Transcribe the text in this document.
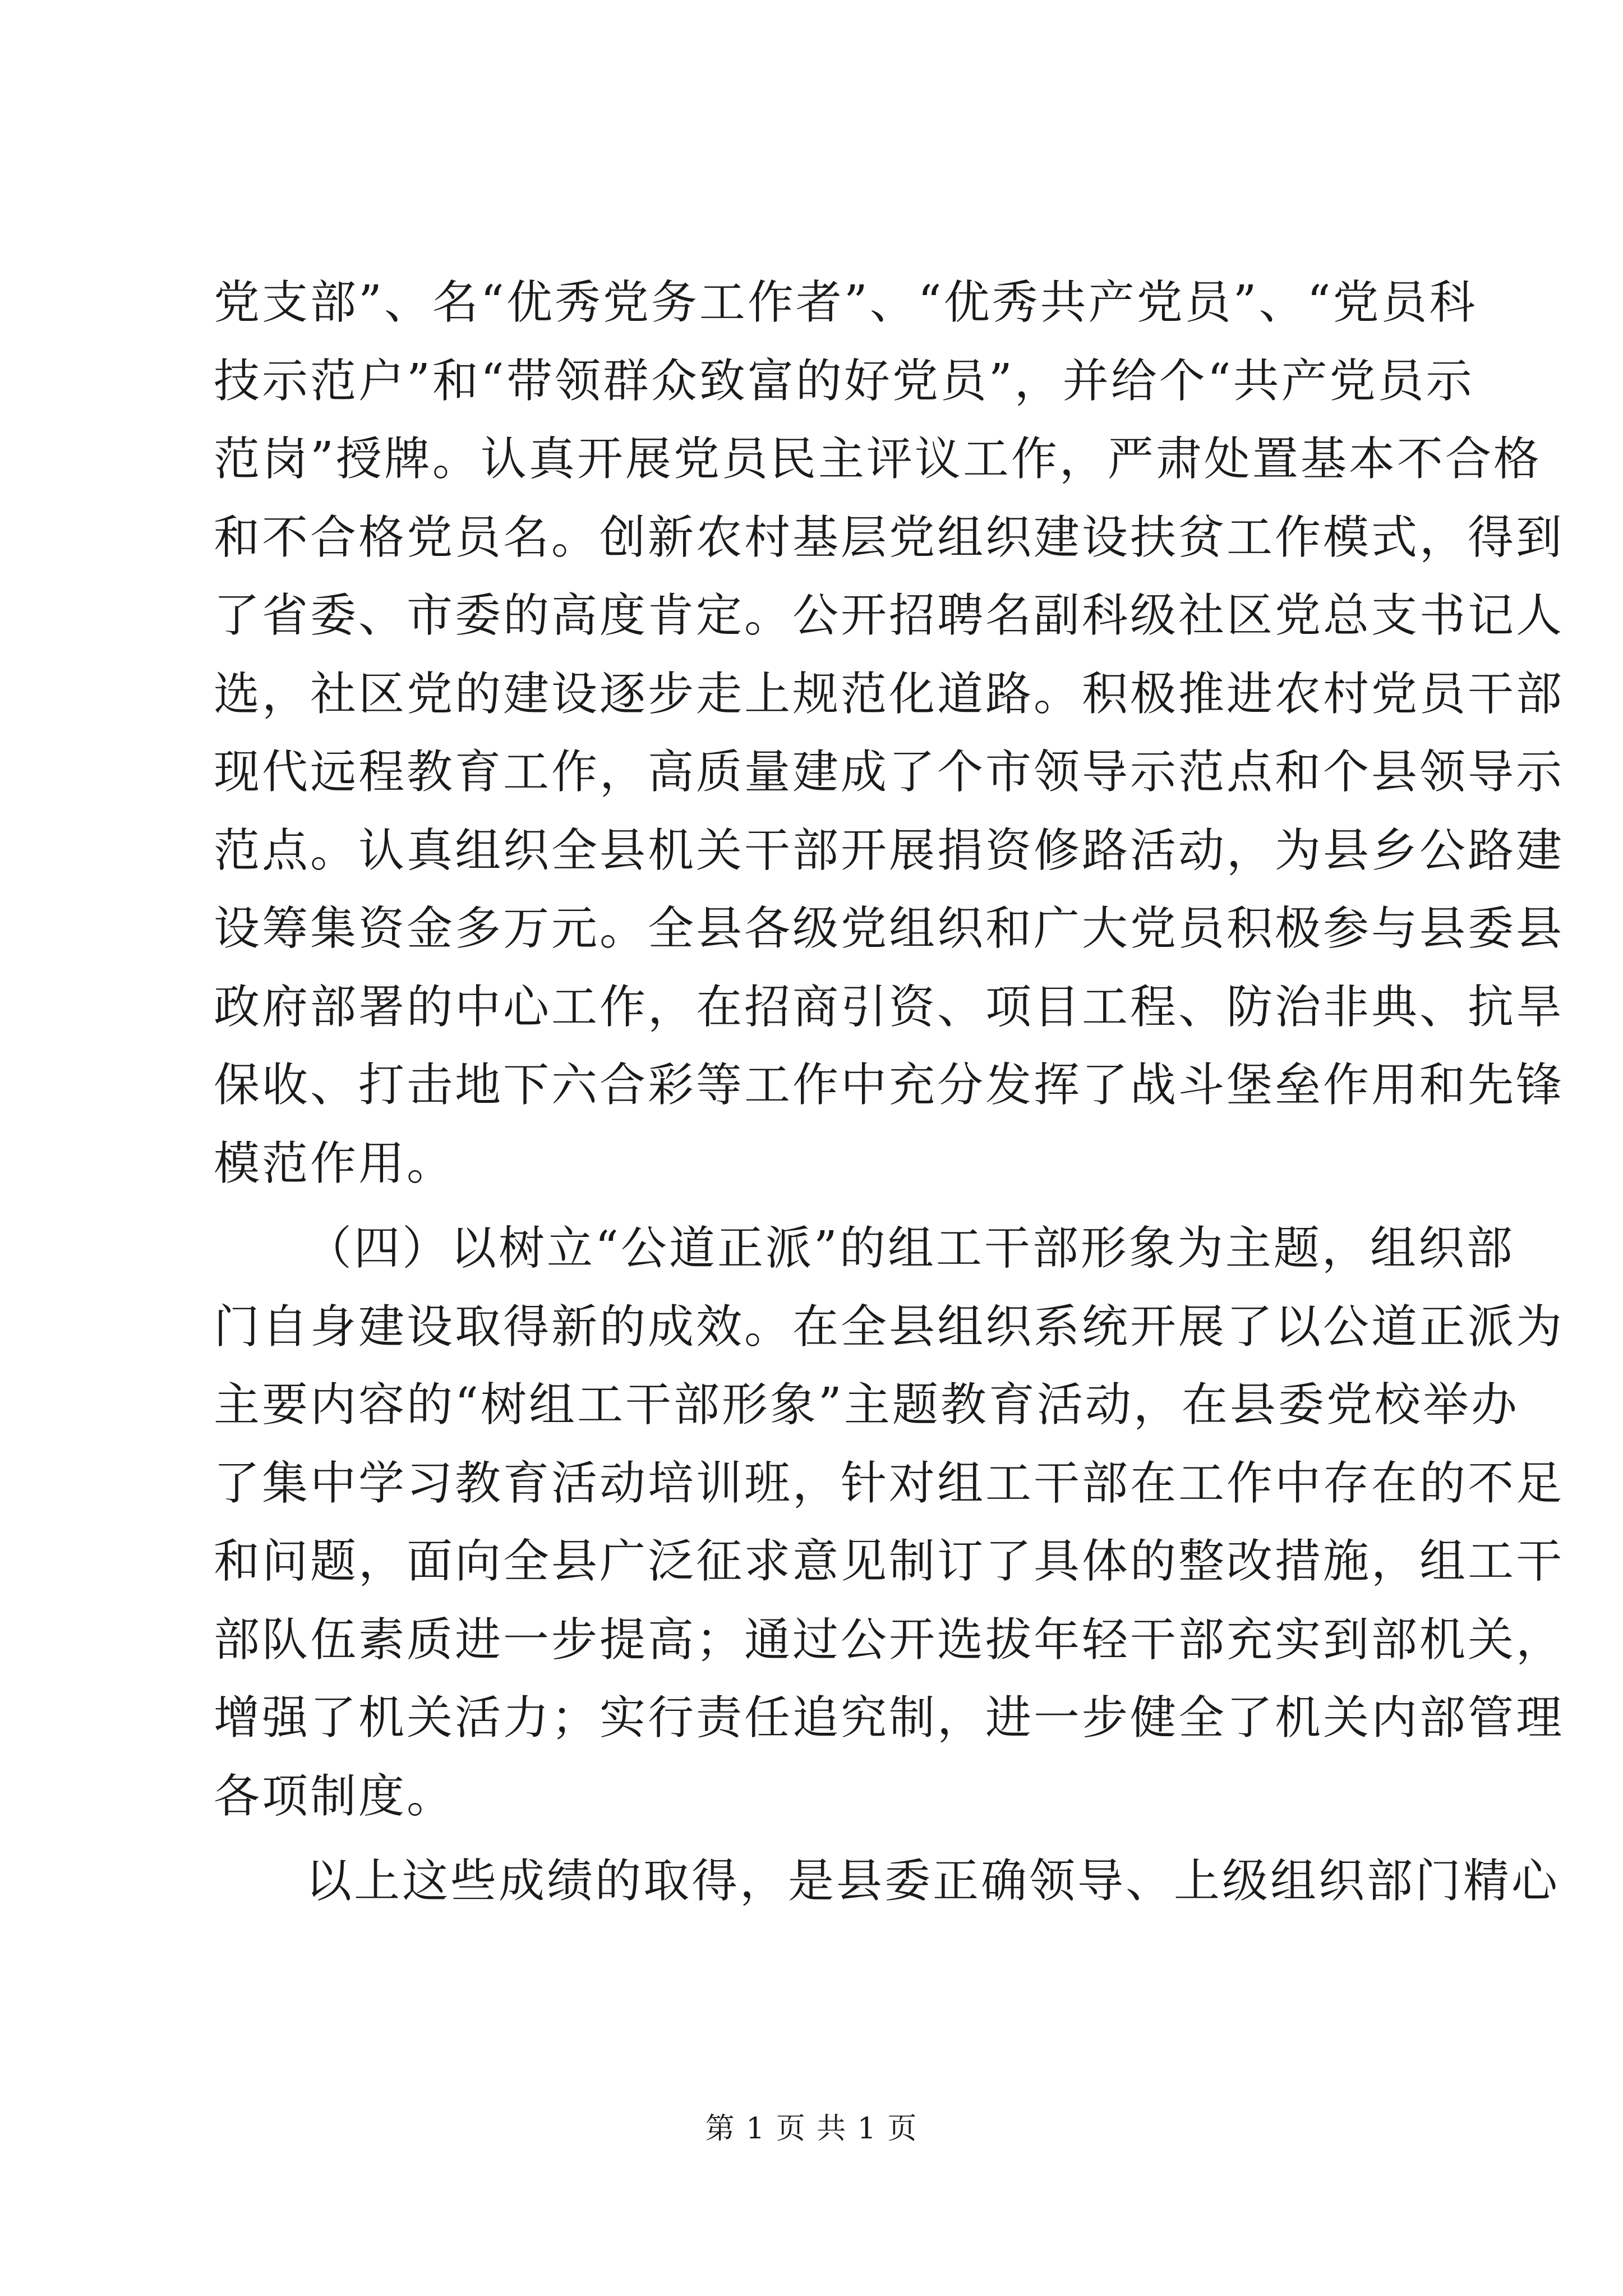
党支部”、名“优秀党务工作者”、“优秀共产党员”、“党员科
技示范户”和“带领群众致富的好党员”，并给个“共产党员示
范岗”授牌。认真开展党员民主评议工作，严肃处置基本不合格
和不合格党员名。创新农村基层党组织建设扶贫工作模式，得到
了省委、市委的高度肯定。公开招聘名副科级社区党总支书记人
选，社区党的建设逐步走上规范化道路。积极推进农村党员干部
现代远程教育工作，高质量建成了个市领导示范点和个县领导示
范点。认真组织全县机关干部开展捐资修路活动，为县乡公路建
设筹集资金多万元。全县各级党组织和广大党员积极参与县委县
政府部署的中心工作，在招商引资、项目工程、防治非典、抗旱
保收、打击地下六合彩等工作中充分发挥了战斗堡垒作用和先锋
模范作用。
（四）以树立“公道正派”的组工干部形象为主题，组织部
门自身建设取得新的成效。在全县组织系统开展了以公道正派为
主要内容的“树组工干部形象”主题教育活动，在县委党校举办
了集中学习教育活动培训班，针对组工干部在工作中存在的不足
和问题，面向全县广泛征求意见制订了具体的整改措施，组工干
部队伍素质进一步提高；通过公开选拔年轻干部充实到部机关，
增强了机关活力；实行责任追究制，进一步健全了机关内部管理
各项制度。
以上这些成绩的取得，是县委正确领导、上级组织部门精心
第 1 页 共 1 页
